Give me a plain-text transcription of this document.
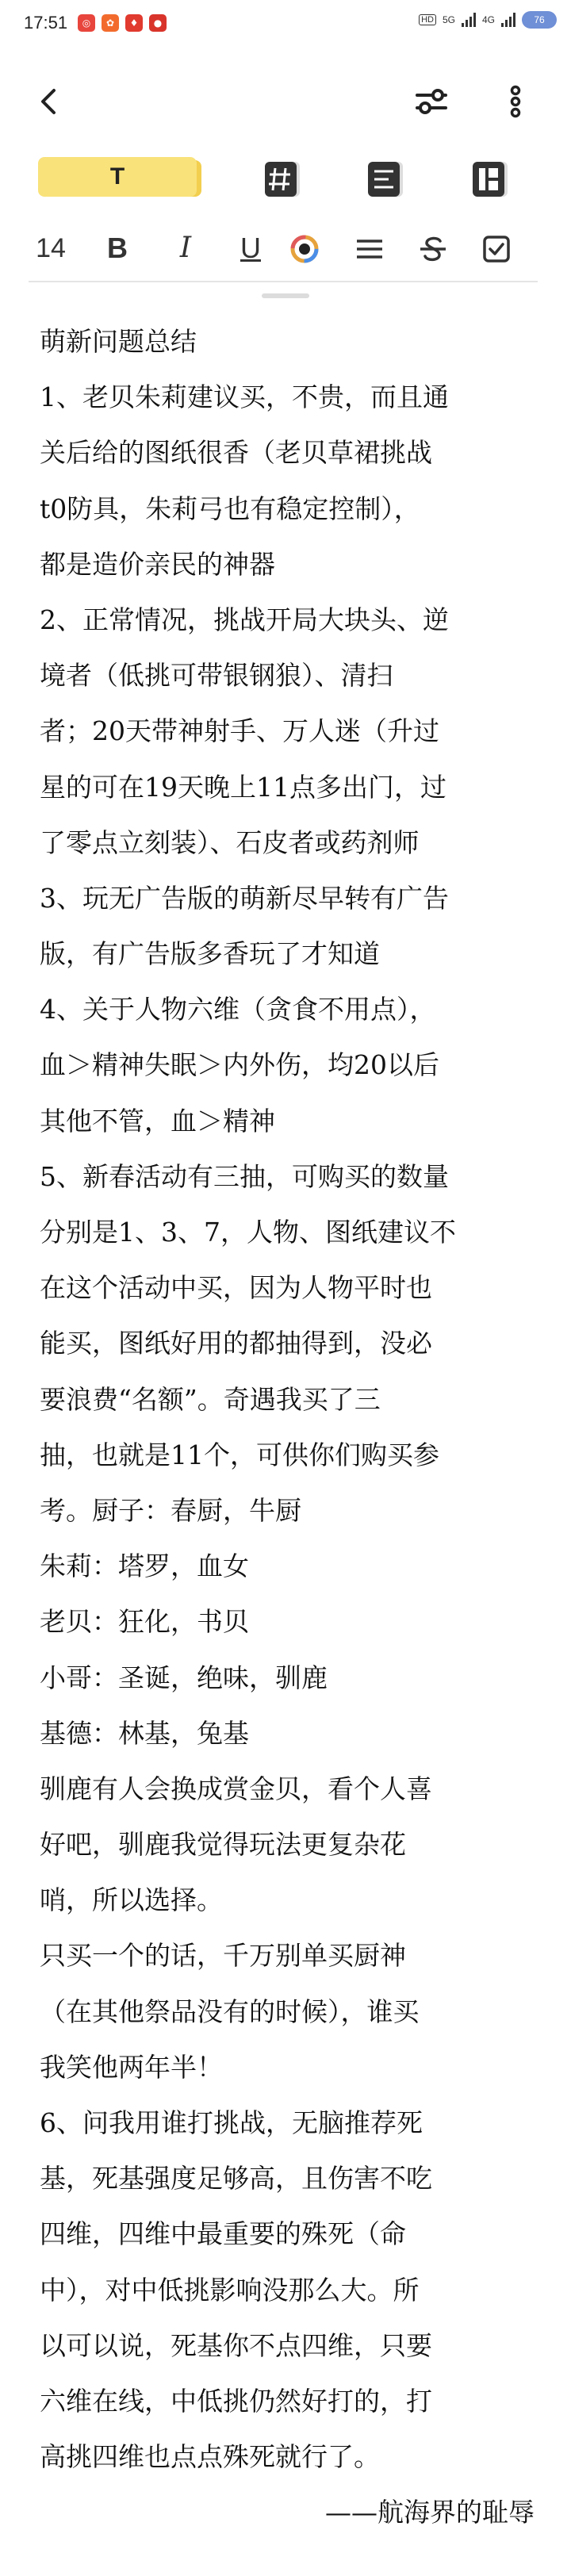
17:51	◎	✿	♦	●	HD 5G	4G	76
T
14	B	I	U
萌新问题总结
1、老贝朱莉建议买，不贵，而且通
关后给的图纸很香（老贝草裙挑战
t0防具，朱莉弓也有稳定控制），
都是造价亲民的神器
2、正常情况，挑战开局大块头、逆
境者（低挑可带银钢狼）、清扫
者；20天带神射手、万人迷（升过
星的可在19天晚上11点多出门，过
了零点立刻装）、石皮者或药剂师
3、玩无广告版的萌新尽早转有广告
版，有广告版多香玩了才知道
4、关于人物六维（贪食不用点），
血＞精神失眠＞内外伤，均20以后
其他不管，血＞精神
5、新春活动有三抽，可购买的数量
分别是1、3、7，人物、图纸建议不
在这个活动中买，因为人物平时也
能买，图纸好用的都抽得到，没必
要浪费“名额”。奇遇我买了三
抽，也就是11个，可供你们购买参
考。厨子：春厨，牛厨
朱莉：塔罗，血女
老贝：狂化，书贝
小哥：圣诞，绝味，驯鹿
基德：林基，兔基
驯鹿有人会换成赏金贝，看个人喜
好吧，驯鹿我觉得玩法更复杂花
哨，所以选择。
只买一个的话，千万别单买厨神
（在其他祭品没有的时候），谁买
我笑他两年半！
6、问我用谁打挑战，无脑推荐死
基，死基强度足够高，且伤害不吃
四维，四维中最重要的殊死（命
中），对中低挑影响没那么大。所
以可以说，死基你不点四维，只要
六维在线，中低挑仍然好打的，打
高挑四维也点点殊死就行了。
——航海界的耻辱
